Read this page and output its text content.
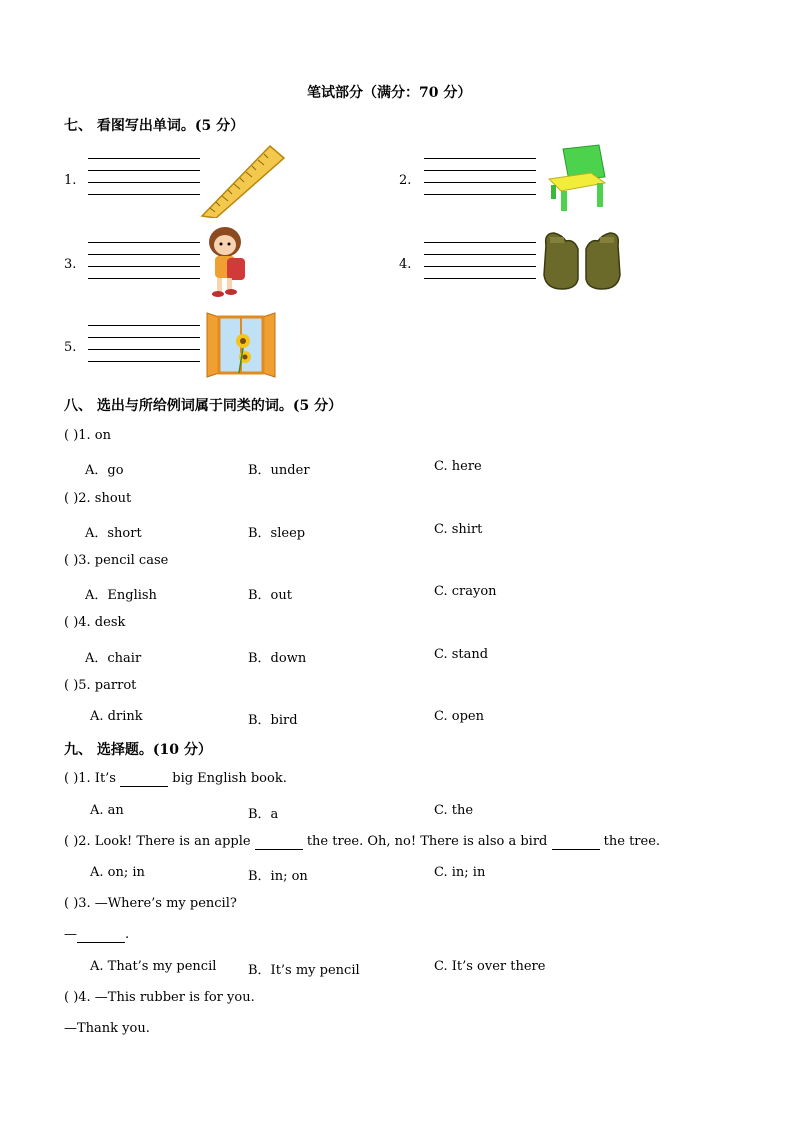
笔试部分（满分：70 分）
七、 看图写出单词。(5 分）
1.	2.
3.	4.
5.
八、 选出与所给例词属于同类的词。(5 分）
( )1. on
A．go	B．under	C. here
( )2. shout
A．short	B．sleep	C. shirt
( )3. pencil case
A．English	B．out	C. crayon
( )4. desk
A．chair	B．down	C. stand
( )5. parrot
A. drink	B．bird	C. open
九、 选择题。(10 分）
( )1. It’s	big English book.
A. an	B．a	C. the
( )2. Look! There is an apple	the tree. Oh, no! There is also a bird	the tree.
A. on; in	B．in; on	C. in; in
( )3. —Where’s my pencil?
—	.
A. That’s my pencil B．It’s my pencil	C. It’s over there
( )4. —This rubber is for you.
—Thank you.
